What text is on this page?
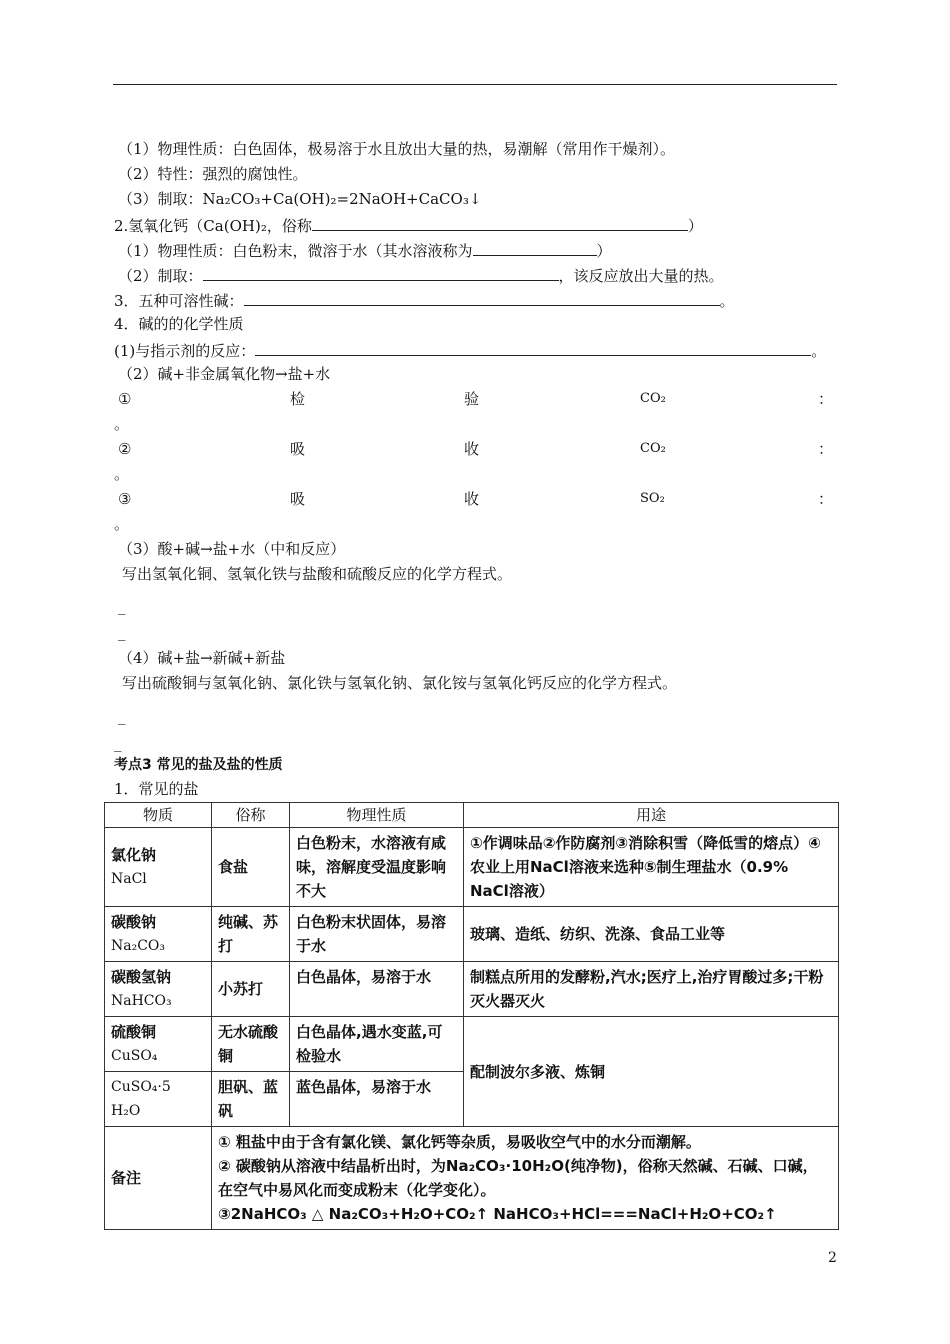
（1）物理性质：白色固体，极易溶于水且放出大量的热，易潮解（常用作干燥剂）。
（2）特性：强烈的腐蚀性。
（3）制取：Na₂CO₃+Ca(OH)₂=2NaOH+CaCO₃↓
2.氢氧化钙（Ca(OH)₂，俗称	）
（1）物理性质：白色粉末，微溶于水（其水溶液称为	）
（2）制取：	，该反应放出大量的热。
3．五种可溶性碱：	。
4．碱的的化学性质
(1)与指示剂的反应：	。
（2）碱+非金属氧化物→盐+水
①	检	验	CO₂	：
。
②	吸	收	CO₂	：
。
③	吸	收	SO₂	：
。
（3）酸+碱→盐+水（中和反应）
写出氢氧化铜、氢氧化铁与盐酸和硫酸反应的化学方程式。
_
_
（4）碱+盐→新碱+新盐
写出硫酸铜与氢氧化钠、氯化铁与氢氧化钠、氯化铵与氢氧化钙反应的化学方程式。
_
_
考点3 常见的盐及盐的性质
1．常见的盐
物质	俗称	物理性质	用途

氯化钠
NaCl	食盐	白色粉末，水溶液有咸味，溶解度受温度影响不大	①作调味品②作防腐剂③消除积雪（降低雪的熔点）④农业上用NaCl溶液来选种⑤制生理盐水（0.9% NaCl溶液）

碳酸钠
Na₂CO₃	纯碱、苏打	白色粉末状固体，易溶于水	玻璃、造纸、纺织、洗涤、食品工业等

碳酸氢钠
NaHCO₃	小苏打	白色晶体，易溶于水	制糕点所用的发酵粉,汽水;医疗上,治疗胃酸过多;干粉灭火器灭火

硫酸铜
CuSO₄	无水硫酸铜	白色晶体,遇水变蓝,可检验水	配制波尔多液、炼铜

CuSO₄·5
H₂O	胆矾、蓝矾	蓝色晶体，易溶于水	
备注	① 粗盐中由于含有氯化镁、氯化钙等杂质，易吸收空气中的水分而潮解。
② 碳酸钠从溶液中结晶析出时，为Na₂CO₃·10H₂O(纯净物)，俗称天然碱、石碱、口碱，在空气中易风化而变成粉末（化学变化）。
③2NaHCO₃ △ Na₂CO₃+H₂O+CO₂↑ NaHCO₃+HCl===NaCl+H₂O+CO₂↑		
2
